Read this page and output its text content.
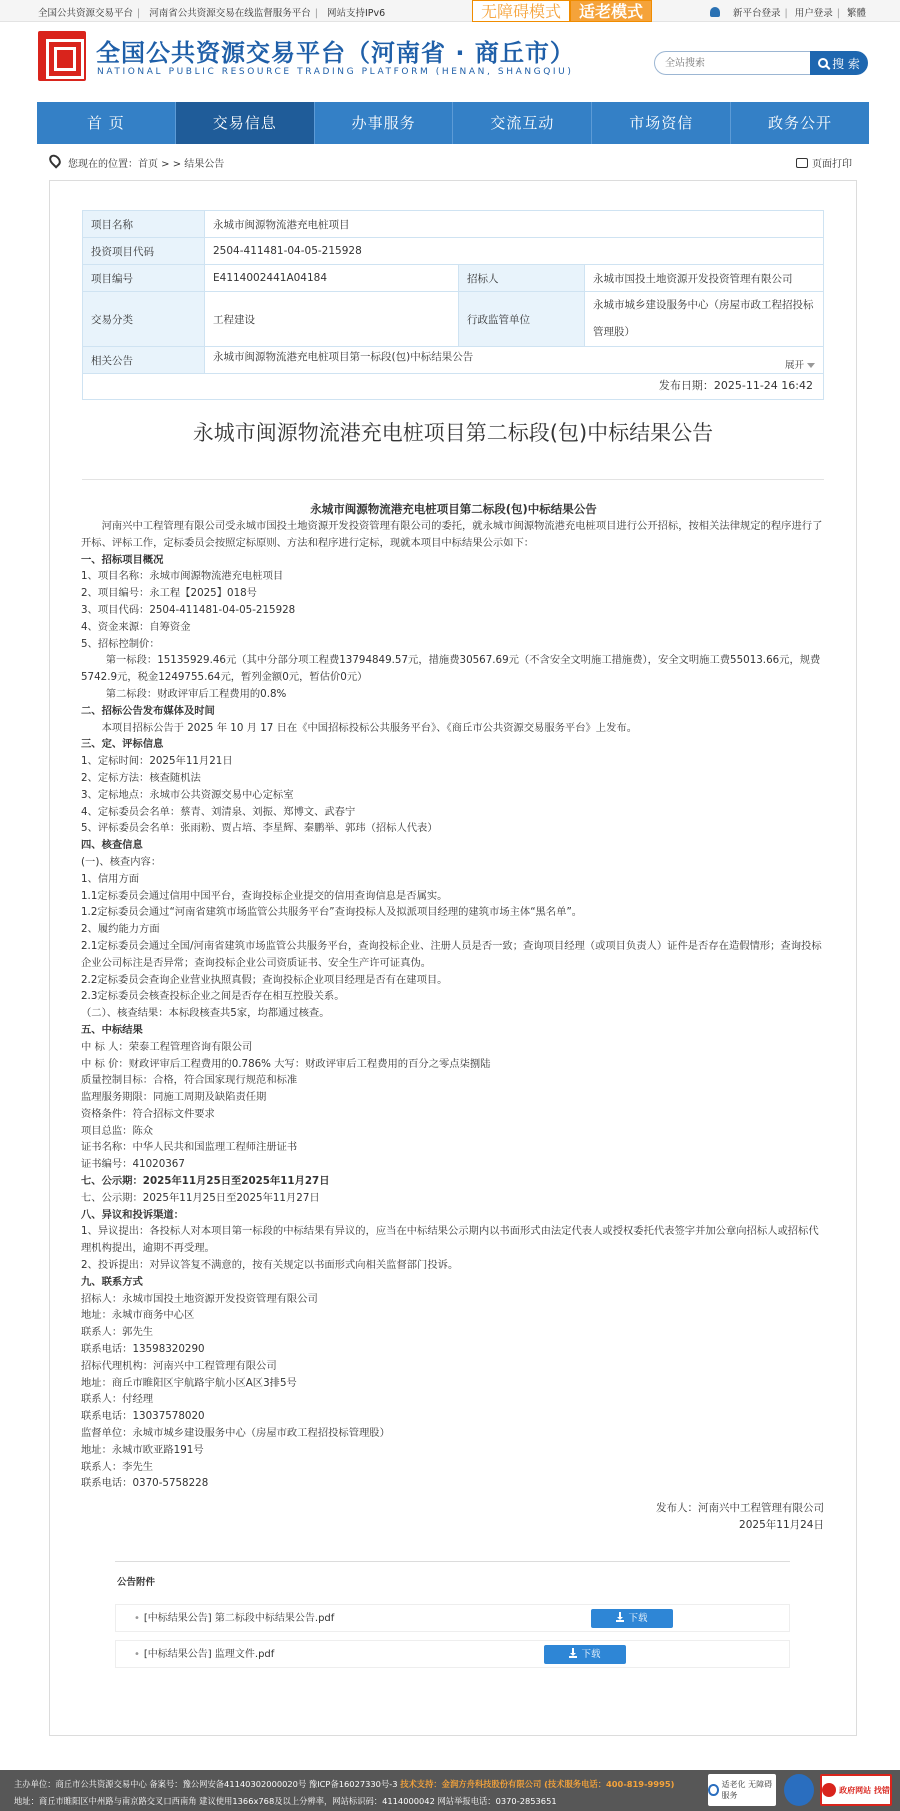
全国公共资源交易平台 | 河南省公共资源交易在线监督服务平台 | 网站支持IPv6	无障碍模式	适老模式	新平台登录 | 用户登录 | 繁體
全国公共资源交易平台（河南省 · 商丘市）
NATIONAL PUBLIC RESOURCE TRADING PLATFORM (HENAN, SHANGQIU)
全站搜索
搜 索
首 页	交易信息	办事服务	交流互动	市场资信	政务公开
您现在的位置：首页 > > 结果公告	页面打印
项目名称	永城市闽源物流港充电桩项目		
投资项目代码	2504-411481-04-05-215928		
项目编号	E4114002441A04184	招标人	永城市国投土地资源开发投资管理有限公司
交易分类	工程建设	行政监管单位	永城市城乡建设服务中心（房屋市政工程招投标管理股）
相关公告	永城市闽源物流港充电桩项目第一标段(包)中标结果公告
展开		
发布日期：2025-11-24 16:42
永城市闽源物流港充电桩项目第二标段(包)中标结果公告

永城市闽源物流港充电桩项目第二标段(包)中标结果公告

河南兴中工程管理有限公司受永城市国投土地资源开发投资管理有限公司的委托，就永城市闽源物流港充电桩项目进行公开招标，按相关法律规定的程序进行了开标、评标工作，定标委员会按照定标原则、方法和程序进行定标，现就本项目中标结果公示如下：

一、招标项目概况

1、项目名称：永城市闽源物流港充电桩项目

2、项目编号：永工程【2025】018号

3、项目代码：2504-411481-04-05-215928

4、资金来源：自筹资金

5、招标控制价：

第一标段：15135929.46元（其中分部分项工程费13794849.57元，措施费30567.69元（不含安全文明施工措施费），安全文明施工费55013.66元，规费5742.9元，税金1249755.64元，暂列金额0元，暂估价0元）

第二标段：财政评审后工程费用的0.8%

二、招标公告发布媒体及时间

本项目招标公告于 2025 年 10 月 17 日在《中国招标投标公共服务平台》、《商丘市公共资源交易服务平台》上发布。

三、定、评标信息

1、定标时间：2025年11月21日

2、定标方法：核查随机法

3、定标地点：永城市公共资源交易中心定标室

4、定标委员会名单：蔡青、刘清泉、刘振、郑博文、武春宁

5、评标委员会名单：张雨粉、贾占培、李星辉、秦鹏举、郭玮（招标人代表）

四、核查信息

(一)、核查内容：

1、信用方面

1.1定标委员会通过信用中国平台，查询投标企业提交的信用查询信息是否属实。

1.2定标委员会通过“河南省建筑市场监管公共服务平台”查询投标人及拟派项目经理的建筑市场主体“黑名单”。

2、履约能力方面

2.1定标委员会通过全国/河南省建筑市场监管公共服务平台，查询投标企业、注册人员是否一致；查询项目经理（或项目负责人）证件是否存在造假情形；查询投标企业公司标注是否异常；查询投标企业公司资质证书、安全生产许可证真伪。

2.2定标委员会查询企业营业执照真假；查询投标企业项目经理是否有在建项目。

2.3定标委员会核查投标企业之间是否存在相互控股关系。

（二）、核查结果：本标段核查共5家，均都通过核查。

五、中标结果

中 标 人：荣泰工程管理咨询有限公司

中 标 价：财政评审后工程费用的0.786% 大写：财政评审后工程费用的百分之零点柒捌陆

质量控制目标：合格，符合国家现行规范和标准

监理服务期限：同施工周期及缺陷责任期

资格条件：符合招标文件要求

项目总监：陈众

证书名称：中华人民共和国监理工程师注册证书

证书编号：41020367

七、公示期：2025年11月25日至2025年11月27日

七、公示期：2025年11月25日至2025年11月27日

八、异议和投诉渠道：

1、异议提出：各投标人对本项目第一标段的中标结果有异议的，应当在中标结果公示期内以书面形式由法定代表人或授权委托代表签字并加公章向招标人或招标代理机构提出，逾期不再受理。

2、投诉提出：对异议答复不满意的，按有关规定以书面形式向相关监督部门投诉。

九、联系方式

招标人：永城市国投土地资源开发投资管理有限公司

地址：永城市商务中心区

联系人：郭先生

联系电话：13598320290

招标代理机构：河南兴中工程管理有限公司

地址：商丘市睢阳区宇航路宇航小区A区3排5号

联系人：付经理

联系电话：13037578020

监督单位：永城市城乡建设服务中心（房屋市政工程招投标管理股）

地址：永城市欧亚路191号

联系人：李先生

联系电话：0370-5758228

发布人：河南兴中工程管理有限公司
2025年11月24日
公告附件
• [中标结果公告] 第二标段中标结果公告.pdf	下载
• [中标结果公告] 监理文件.pdf	下载
主办单位：商丘市公共资源交易中心 备案号：豫公网安备41140302000020号 豫ICP备16027330号-3 技术支持：金润方舟科技股份有限公司 (技术服务电话：400-819-9995)
地址：商丘市睢阳区中州路与南京路交叉口西南角 建议使用1366x768及以上分辨率，网站标识码：4114000042 网站举报电话：0370-2853651
适老化 无障碍服务
政府网站 找错
